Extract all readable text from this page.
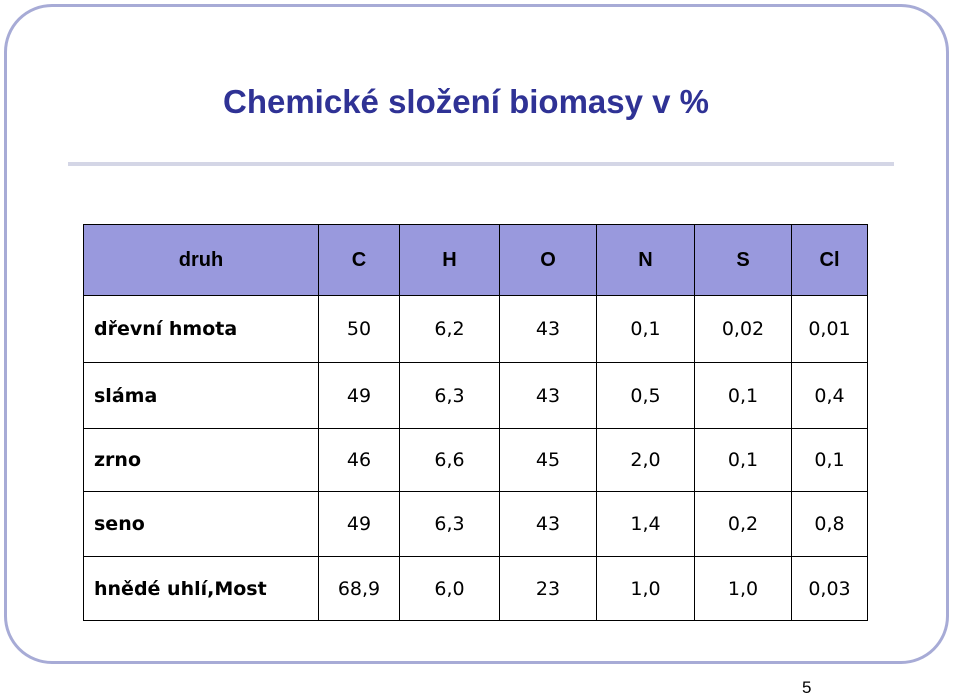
Chemické složení biomasy v %
druh	C	H	O	N	S	Cl
dřevní hmota	50	6,2	43	0,1	0,02	0,01
sláma	49	6,3	43	0,5	0,1	0,4
zrno	46	6,6	45	2,0	0,1	0,1
seno	49	6,3	43	1,4	0,2	0,8
hnědé uhlí,Most	68,9	6,0	23	1,0	1,0	0,03
5
